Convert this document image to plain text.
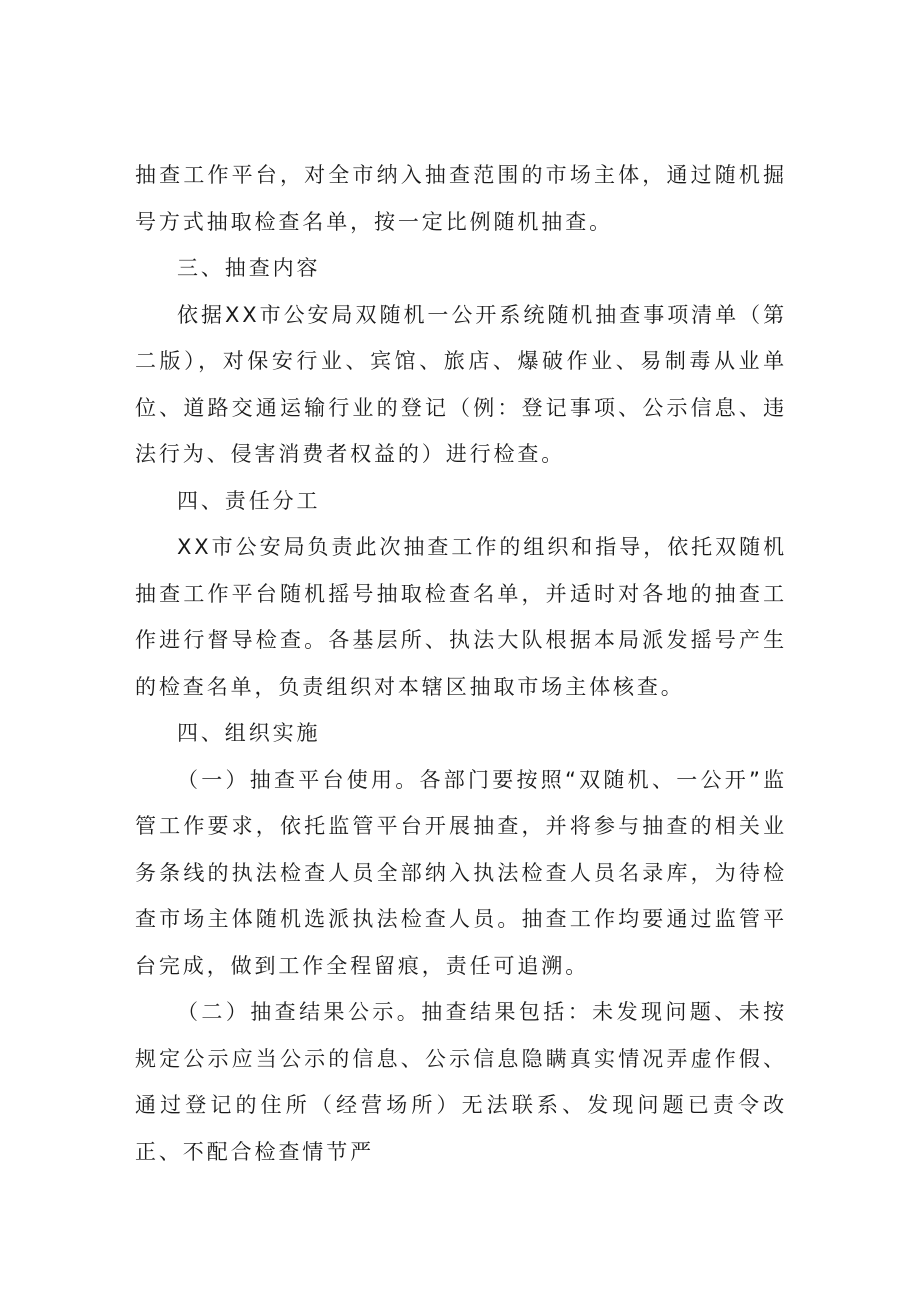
抽查工作平台，对全市纳入抽查范围的市场主体，通过随机掘号方式抽取检查名单，按一定比例随机抽查。

三、抽查内容

依据XX市公安局双随机一公开系统随机抽查事项清单（第二版），对保安行业、宾馆、旅店、爆破作业、易制毒从业单位、道路交通运输行业的登记（例：登记事项、公示信息、违法行为、侵害消费者权益的）进行检查。

四、责任分工

XX市公安局负责此次抽查工作的组织和指导，依托双随机抽查工作平台随机摇号抽取检查名单，并适时对各地的抽查工作进行督导检查。各基层所、执法大队根据本局派发摇号产生的检查名单，负责组织对本辖区抽取市场主体核查。

四、组织实施

（一）抽查平台使用。各部门要按照“双随机、一公开”监管工作要求，依托监管平台开展抽查，并将参与抽查的相关业务条线的执法检查人员全部纳入执法检查人员名录库，为待检查市场主体随机选派执法检查人员。抽查工作均要通过监管平台完成，做到工作全程留痕，责任可追溯。

（二）抽查结果公示。抽查结果包括：未发现问题、未按规定公示应当公示的信息、公示信息隐瞒真实情况弄虚作假、通过登记的住所（经营场所）无法联系、发现问题已责令改正、不配合检查情节严
